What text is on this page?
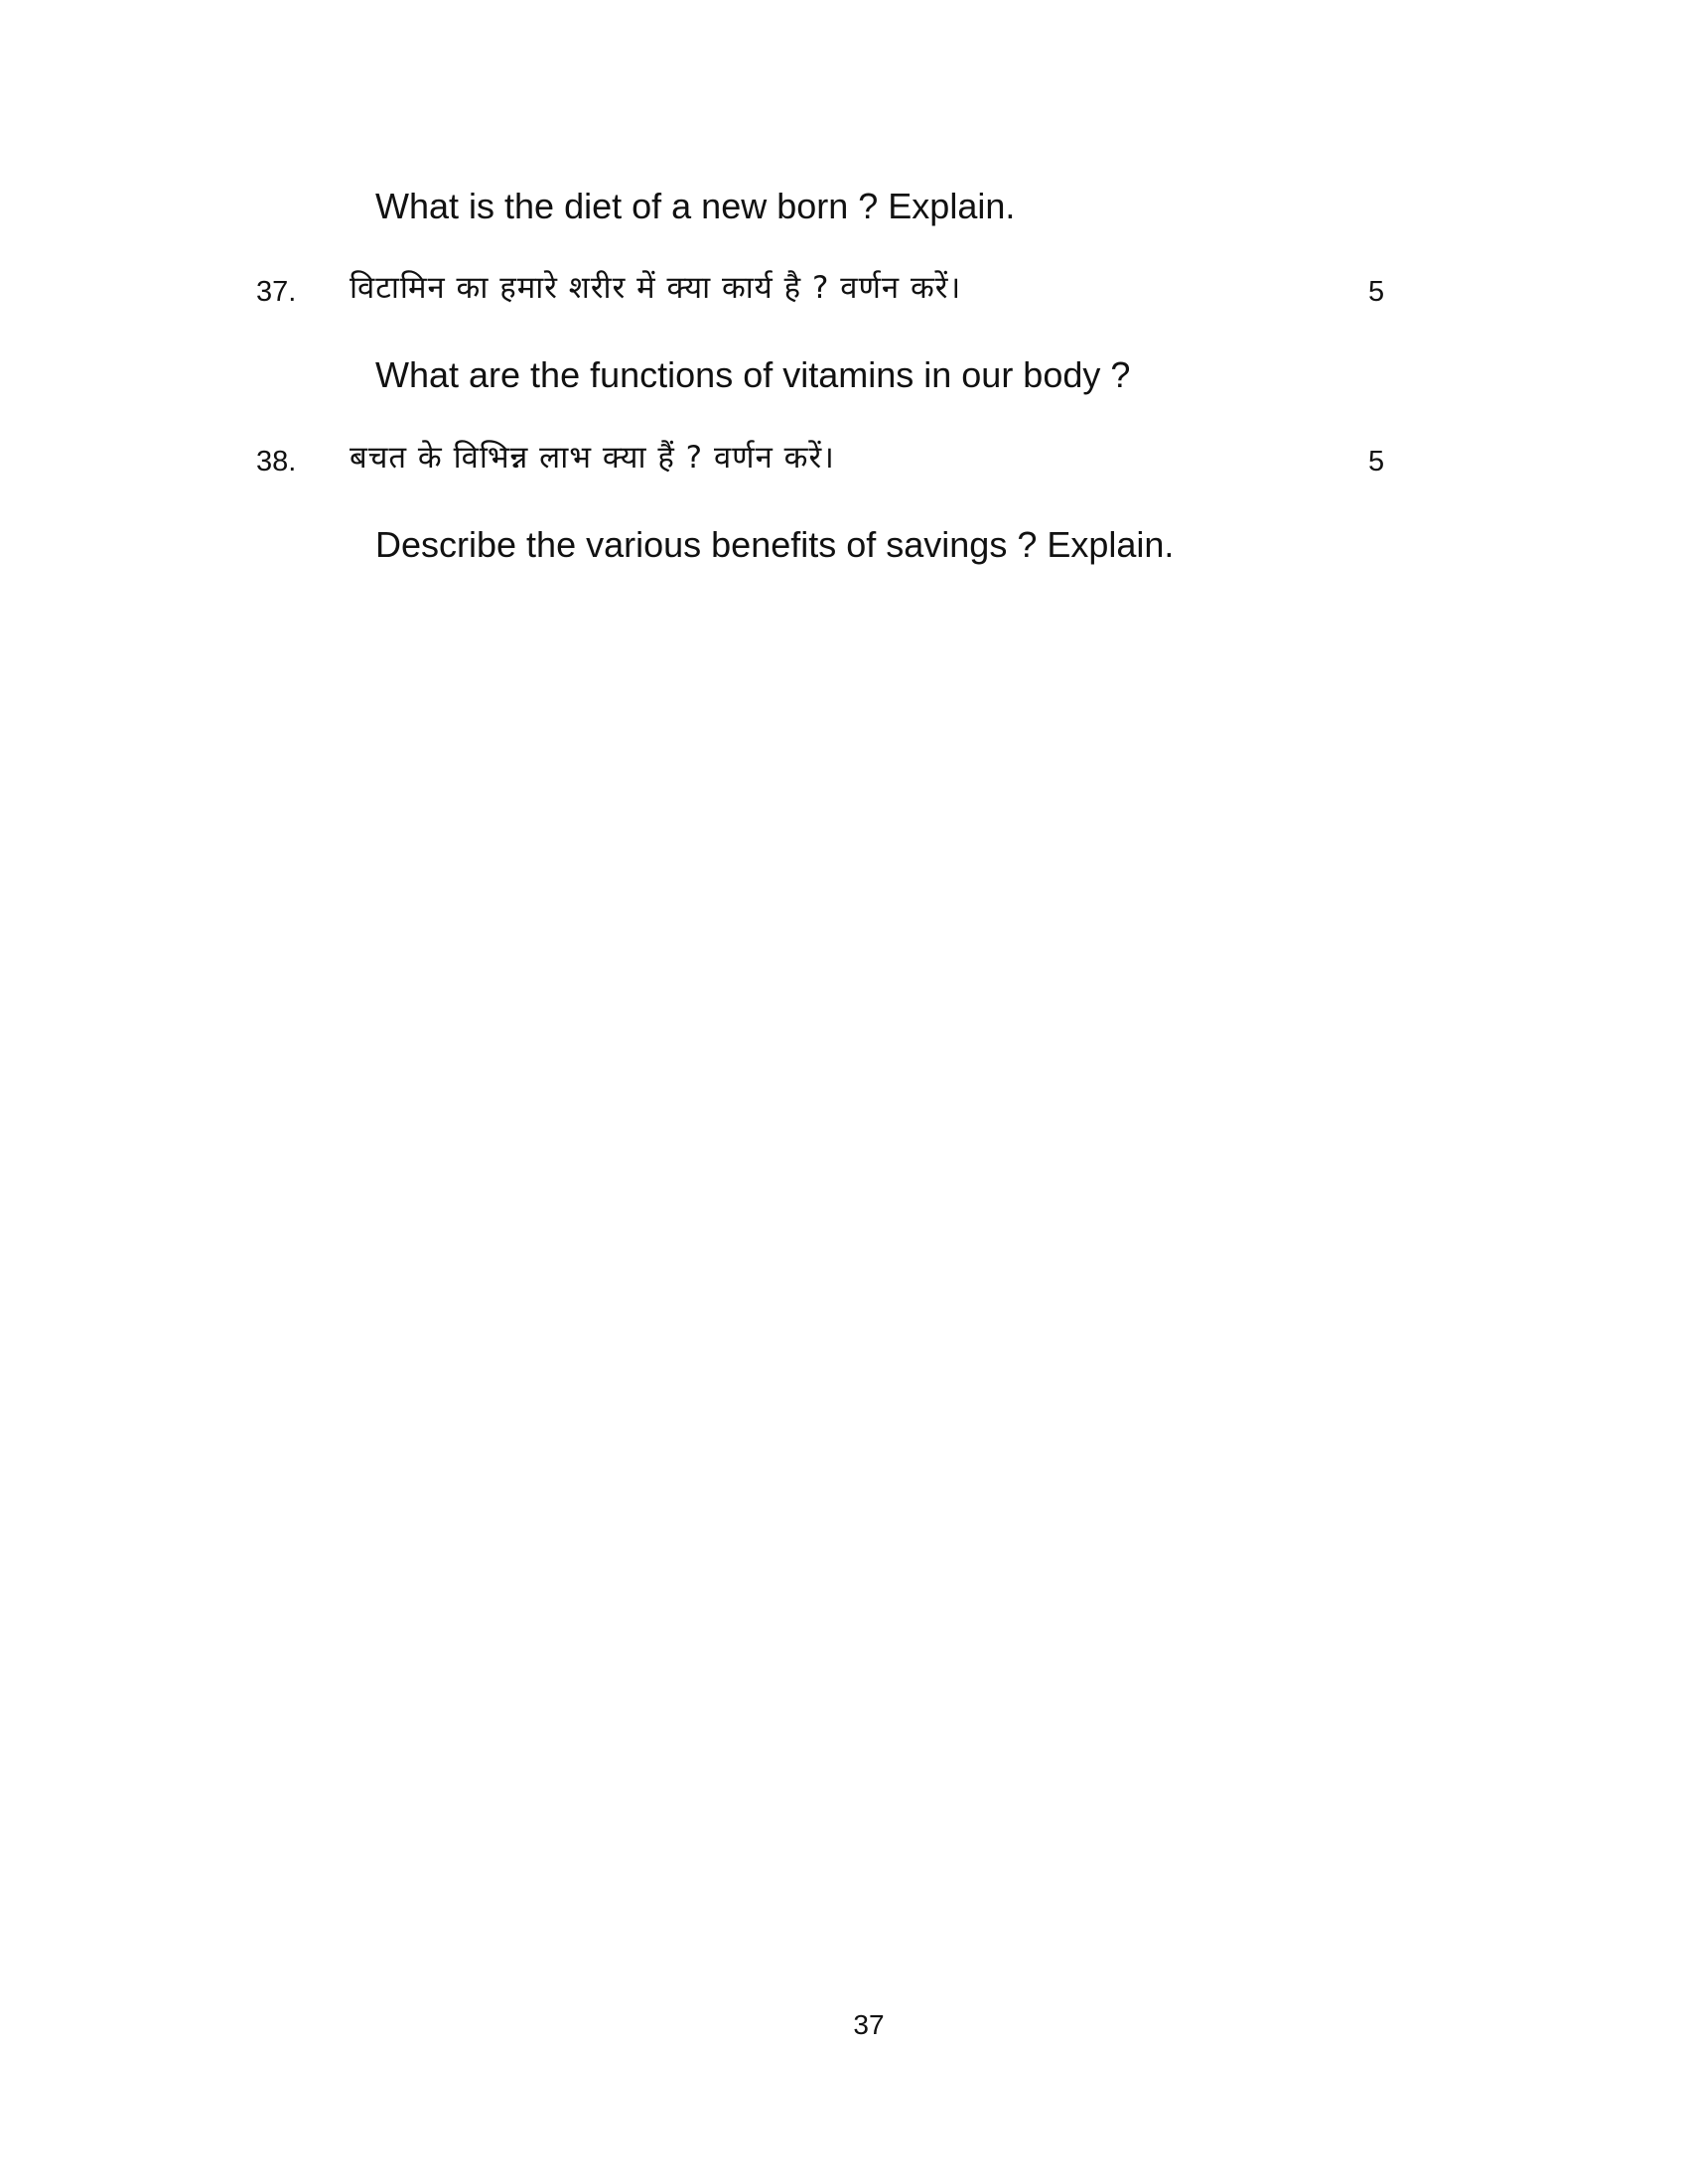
What is the diet of a new born ? Explain.
37. विटामिन का हमारे शरीर में क्या कार्य है ? वर्णन करें।	5
What are the functions of vitamins in our body ?
38. बचत के विभिन्न लाभ क्या हैं ? वर्णन करें।	5
Describe the various benefits of savings ? Explain.
37
